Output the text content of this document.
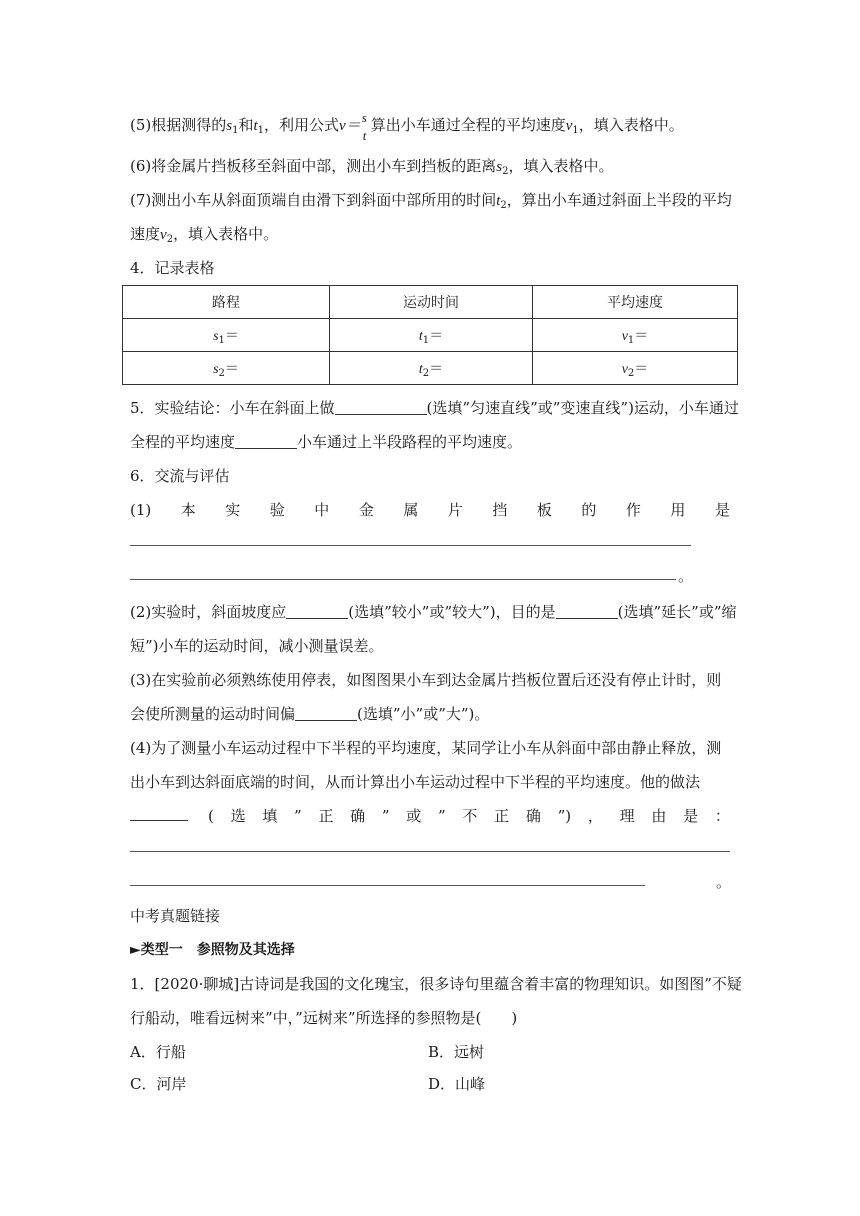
(5)根据测得的$s_1$和$t_1$，利用公式v＝
s
t
算出小车通过全程的平均速度$v_1$，填入表格中。
(6)将金属片挡板移至斜面中部，测出小车到挡板的距离$s_2$，填入表格中。
(7)测出小车从斜面顶端自由滑下到斜面中部所用的时间$t_2$，算出小车通过斜面上半段的平均
速度$v_2$，填入表格中。
4．记录表格
路程	运动时间	平均速度
$s_1=$	$t_1=$	$v_1=$
$s_2=$	$t_2=$	$v_2=$
5．实验结论：小车在斜面上做	(选填”匀速直线”或”变速直线”)运动，小车通过
全程的平均速度	小车通过上半段路程的平均速度。
6．交流与评估
(1) 本 实 验 中 金 属 片 挡 板 的 作 用 是
。
(2)实验时，斜面坡度应	(选填”较小”或”较大”)，目的是	(选填”延长”或”缩
短”)小车的运动时间，减小测量误差。
(3)在实验前必须熟练使用停表，如图图果小车到达金属片挡板位置后还没有停止计时，则
会使所测量的运动时间偏	(选填”小”或”大”)。
(4)为了测量小车运动过程中下半程的平均速度，某同学让小车从斜面中部由静止释放，测
出小车到达斜面底端的时间，从而计算出小车运动过程中下半程的平均速度。他的做法
( 选 填 ” 正 确 ” 或 ” 不 正 确 ”) ， 理 由 是 ：
。
中考真题链接
►类型一　参照物及其选择
1．[2020·聊城]古诗词是我国的文化瑰宝，很多诗句里蕴含着丰富的物理知识。如图图”不疑
行船动，唯看远树来”中，”远树来”所选择的参照物是(　　)
A．行船	B．远树
C．河岸	D．山峰
